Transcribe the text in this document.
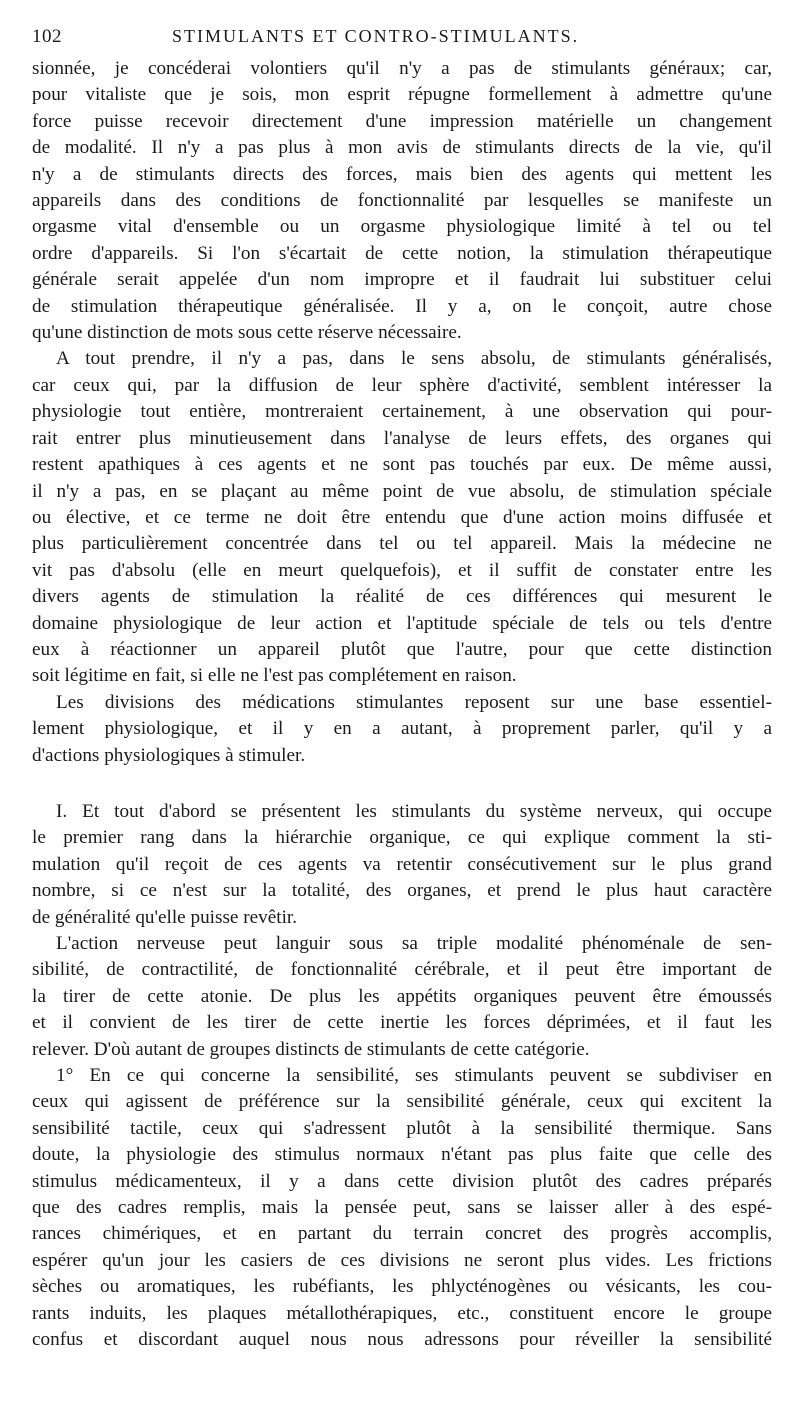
102	STIMULANTS ET CONTRO-STIMULANTS.
sionnée, je concéderai volontiers qu'il n'y a pas de stimulants généraux; car,
pour vitaliste que je sois, mon esprit répugne formellement à admettre qu'une
force puisse recevoir directement d'une impression matérielle un changement
de modalité. Il n'y a pas plus à mon avis de stimulants directs de la vie, qu'il
n'y a de stimulants directs des forces, mais bien des agents qui mettent les
appareils dans des conditions de fonctionnalité par lesquelles se manifeste un
orgasme vital d'ensemble ou un orgasme physiologique limité à tel ou tel
ordre d'appareils. Si l'on s'écartait de cette notion, la stimulation thérapeutique
générale serait appelée d'un nom impropre et il faudrait lui substituer celui
de stimulation thérapeutique généralisée. Il y a, on le conçoit, autre chose
qu'une distinction de mots sous cette réserve nécessaire.
A tout prendre, il n'y a pas, dans le sens absolu, de stimulants généralisés,
car ceux qui, par la diffusion de leur sphère d'activité, semblent intéresser la
physiologie tout entière, montreraient certainement, à une observation qui pour-
rait entrer plus minutieusement dans l'analyse de leurs effets, des organes qui
restent apathiques à ces agents et ne sont pas touchés par eux. De même aussi,
il n'y a pas, en se plaçant au même point de vue absolu, de stimulation spéciale
ou élective, et ce terme ne doit être entendu que d'une action moins diffusée et
plus particulièrement concentrée dans tel ou tel appareil. Mais la médecine ne
vit pas d'absolu (elle en meurt quelquefois), et il suffit de constater entre les
divers agents de stimulation la réalité de ces différences qui mesurent le
domaine physiologique de leur action et l'aptitude spéciale de tels ou tels d'entre
eux à réactionner un appareil plutôt que l'autre, pour que cette distinction
soit légitime en fait, si elle ne l'est pas complétement en raison.
Les divisions des médications stimulantes reposent sur une base essentiel-
lement physiologique, et il y en a autant, à proprement parler, qu'il y a
d'actions physiologiques à stimuler.
I. Et tout d'abord se présentent les stimulants du système nerveux, qui occupe
le premier rang dans la hiérarchie organique, ce qui explique comment la sti-
mulation qu'il reçoit de ces agents va retentir consécutivement sur le plus grand
nombre, si ce n'est sur la totalité, des organes, et prend le plus haut caractère
de généralité qu'elle puisse revêtir.
L'action nerveuse peut languir sous sa triple modalité phénoménale de sen-
sibilité, de contractilité, de fonctionnalité cérébrale, et il peut être important de
la tirer de cette atonie. De plus les appétits organiques peuvent être émoussés
et il convient de les tirer de cette inertie les forces déprimées, et il faut les
relever. D'où autant de groupes distincts de stimulants de cette catégorie.
1° En ce qui concerne la sensibilité, ses stimulants peuvent se subdiviser en
ceux qui agissent de préférence sur la sensibilité générale, ceux qui excitent la
sensibilité tactile, ceux qui s'adressent plutôt à la sensibilité thermique. Sans
doute, la physiologie des stimulus normaux n'étant pas plus faite que celle des
stimulus médicamenteux, il y a dans cette division plutôt des cadres préparés
que des cadres remplis, mais la pensée peut, sans se laisser aller à des espé-
rances chimériques, et en partant du terrain concret des progrès accomplis,
espérer qu'un jour les casiers de ces divisions ne seront plus vides. Les frictions
sèches ou aromatiques, les rubéfiants, les phlycténogènes ou vésicants, les cou-
rants induits, les plaques métallothérapiques, etc., constituent encore le groupe
confus et discordant auquel nous nous adressons pour réveiller la sensibilité
